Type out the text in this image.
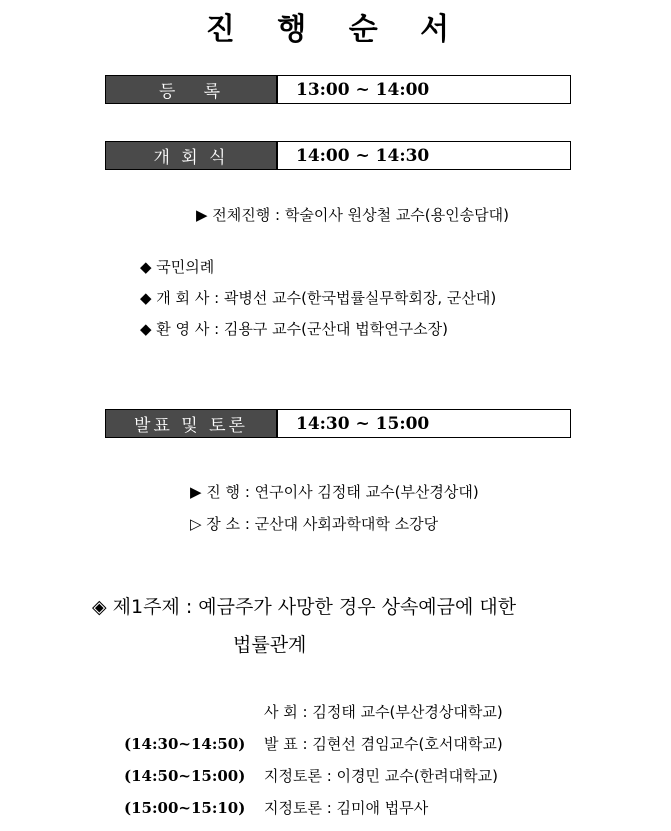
진 행 순 서
등   록	13:00 ~ 14:00
개 회 식	14:00 ~ 14:30
▶ 전체진행 : 학술이사 원상철 교수(용인송담대)
◆ 국민의례
◆ 개 회 사 : 곽병선 교수(한국법률실무학회장, 군산대)
◆ 환 영 사 : 김용구 교수(군산대 법학연구소장)
발표 및 토론	14:30 ~ 15:00
▶ 진 행 : 연구이사 김정태 교수(부산경상대)
▷ 장 소 : 군산대 사회과학대학 소강당
◈ 제1주제 : 예금주가 사망한 경우 상속예금에 대한
법률관계
사 회 : 김정태 교수(부산경상대학교)
(14:30~14:50) 발 표 : 김현선 겸임교수(호서대학교)
(14:50~15:00) 지정토론 : 이경민 교수(한려대학교)
(15:00~15:10) 지정토론 : 김미애 법무사
